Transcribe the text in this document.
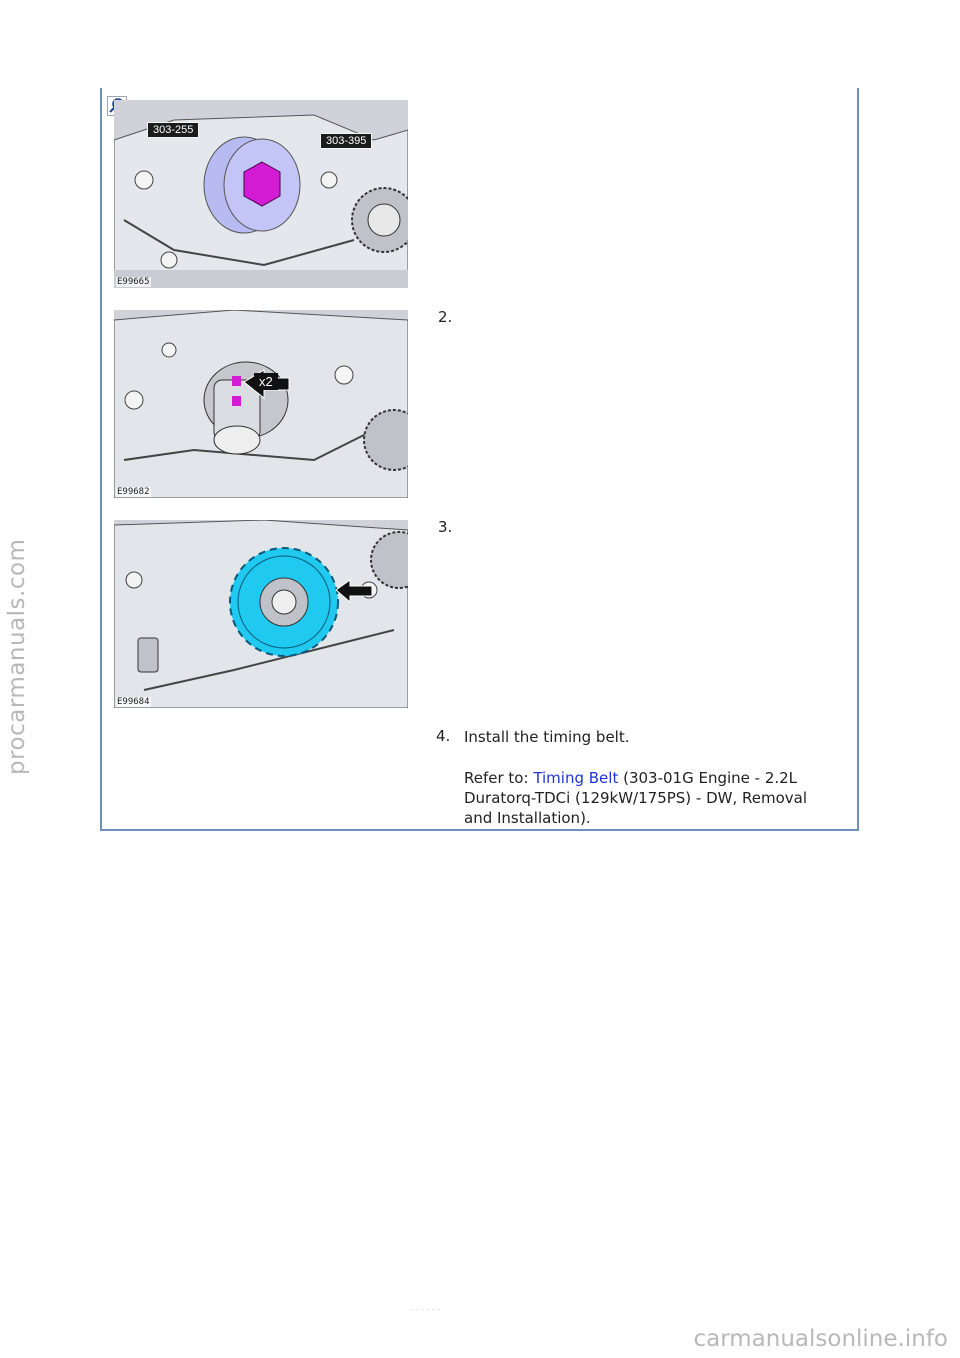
303-255
303-395
E99665
x2
E99682
E99684
2.
3.
4. Install the timing belt.
Refer to: Timing Belt (303-01G Engine - 2.2L
Duratorq-TDCi (129kW/175PS) - DW, Removal
and Installation).
- - - - - -
procarmanuals.com
carmanualsonline.info
